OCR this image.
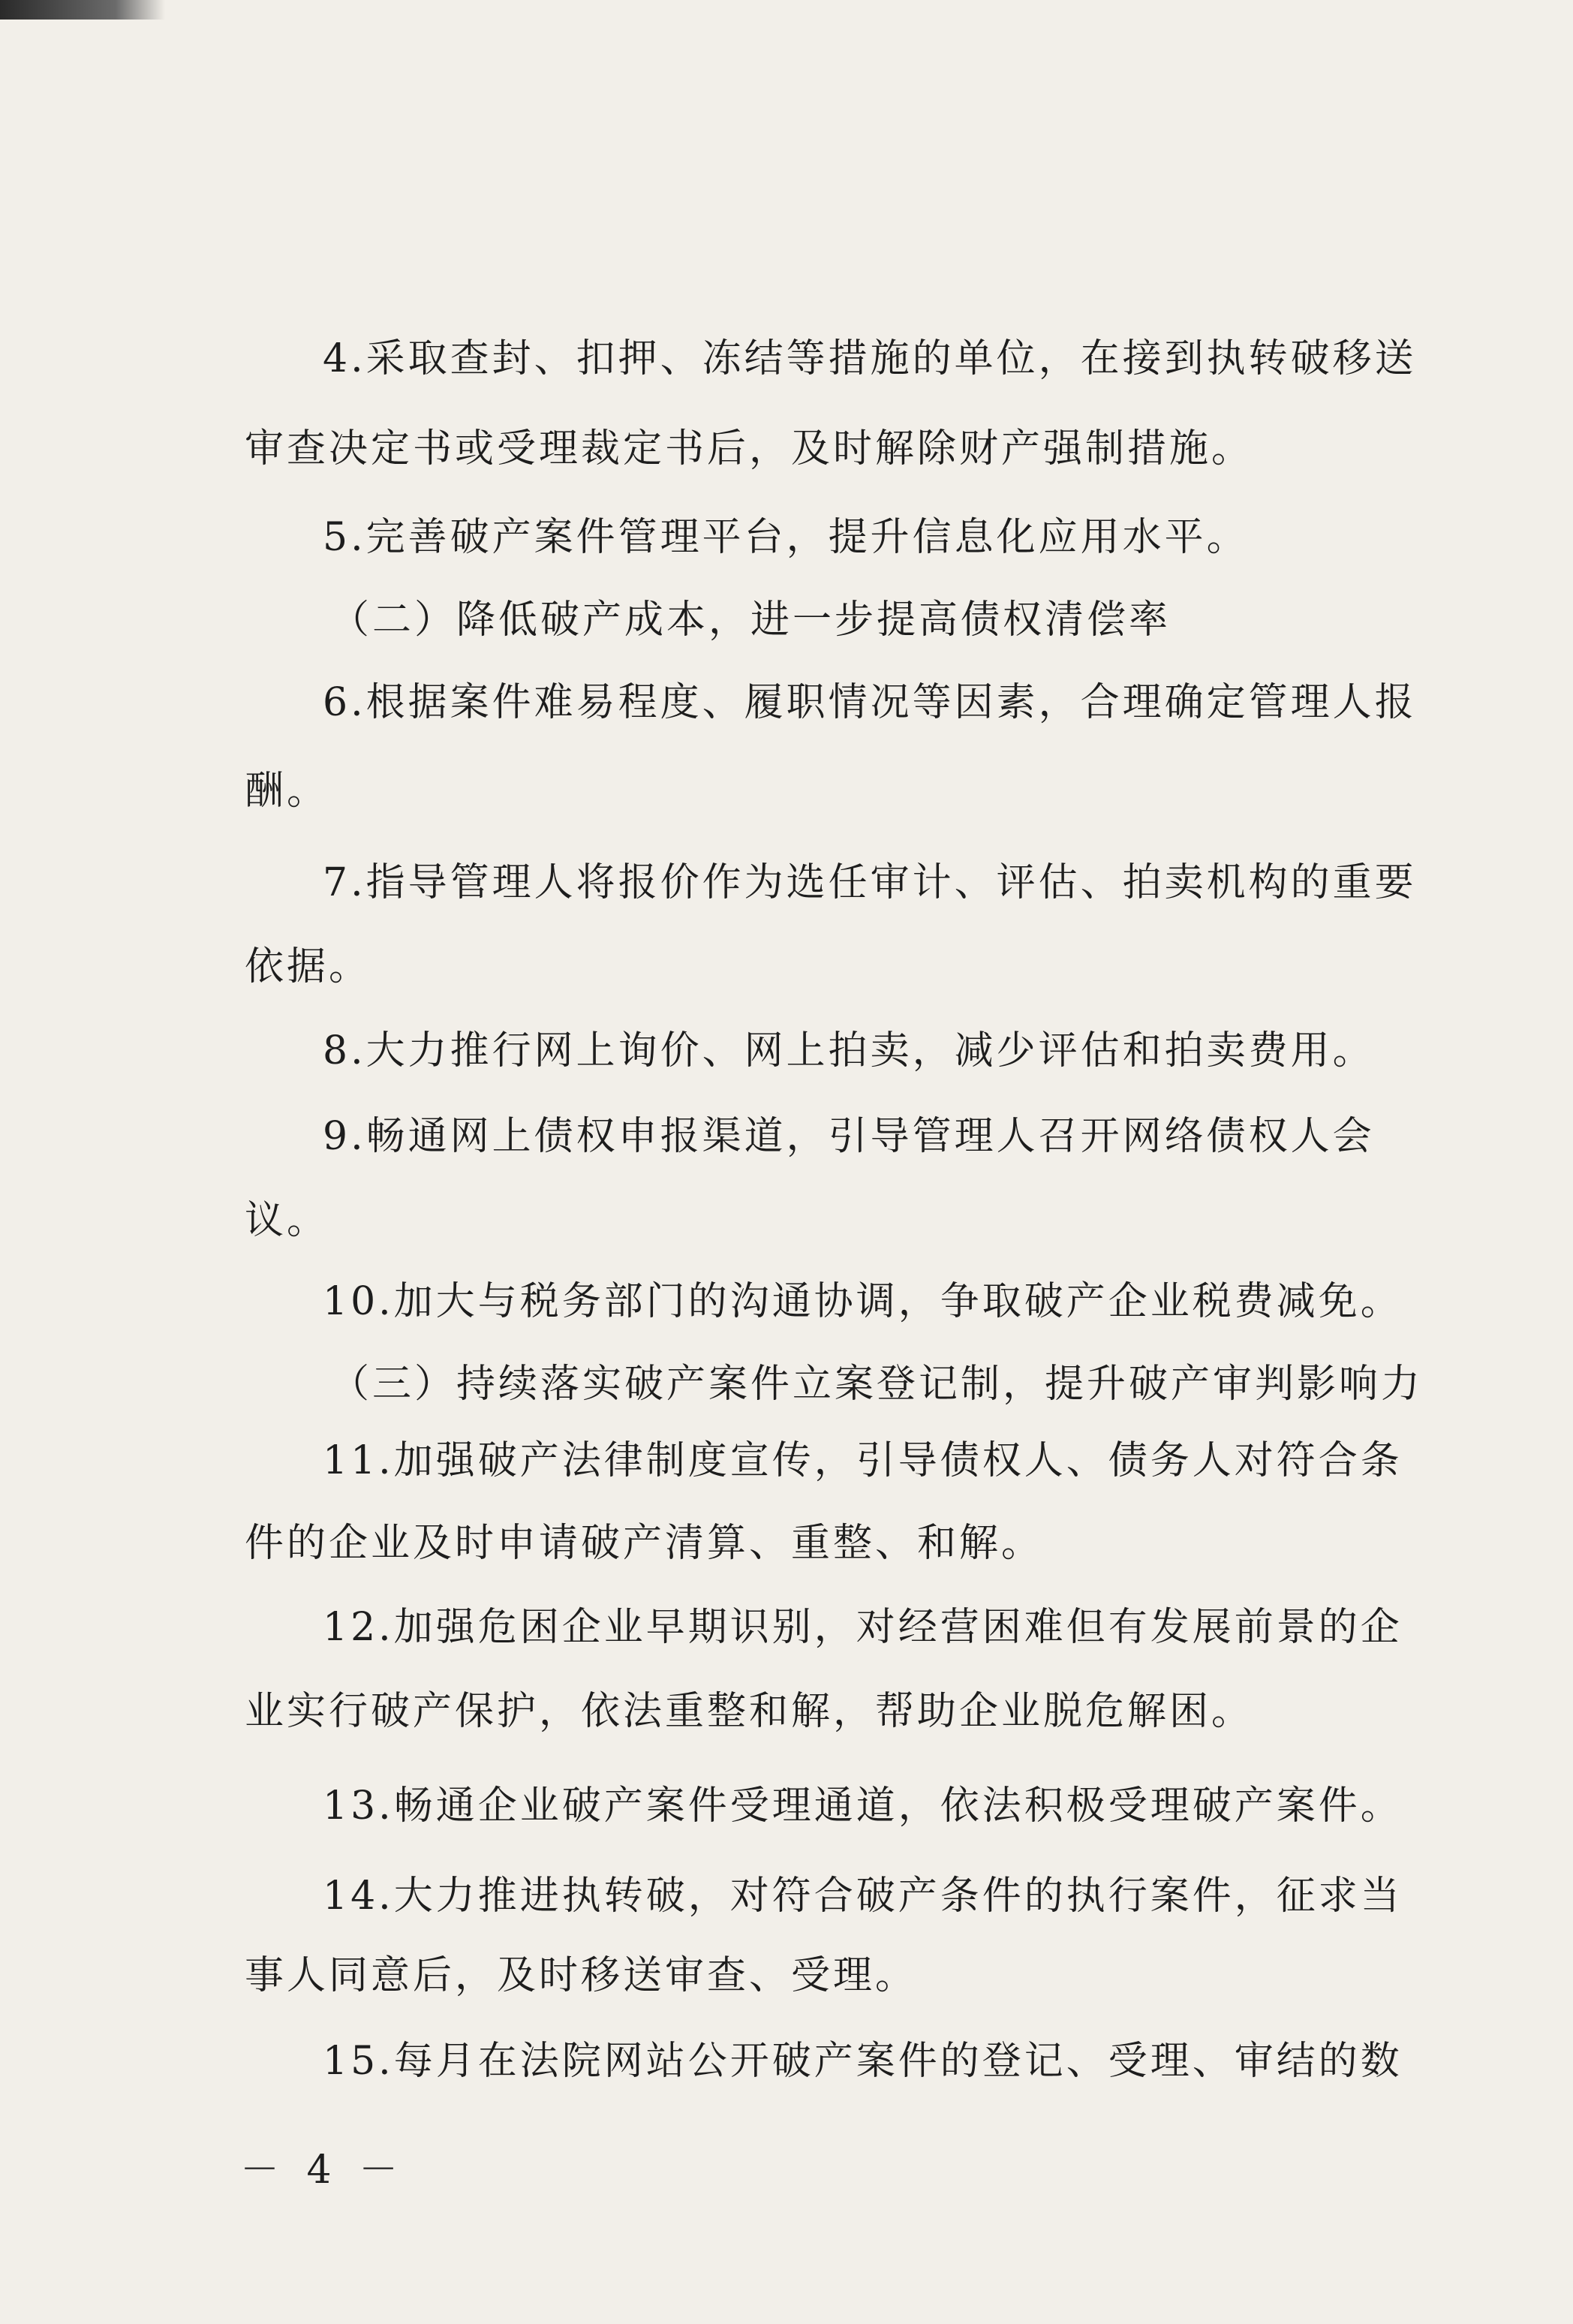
4.采取查封、扣押、冻结等措施的单位，在接到执转破移送
审查决定书或受理裁定书后，及时解除财产强制措施。
5.完善破产案件管理平台，提升信息化应用水平。
（二）降低破产成本，进一步提高债权清偿率
6.根据案件难易程度、履职情况等因素，合理确定管理人报
酬。
7.指导管理人将报价作为选任审计、评估、拍卖机构的重要
依据。
8.大力推行网上询价、网上拍卖，减少评估和拍卖费用。
9.畅通网上债权申报渠道，引导管理人召开网络债权人会
议。
10.加大与税务部门的沟通协调，争取破产企业税费减免。
（三）持续落实破产案件立案登记制，提升破产审判影响力
11.加强破产法律制度宣传，引导债权人、债务人对符合条
件的企业及时申请破产清算、重整、和解。
12.加强危困企业早期识别，对经营困难但有发展前景的企
业实行破产保护，依法重整和解，帮助企业脱危解困。
13.畅通企业破产案件受理通道，依法积极受理破产案件。
14.大力推进执转破，对符合破产条件的执行案件，征求当
事人同意后，及时移送审查、受理。
15.每月在法院网站公开破产案件的登记、受理、审结的数
－ 4 －
